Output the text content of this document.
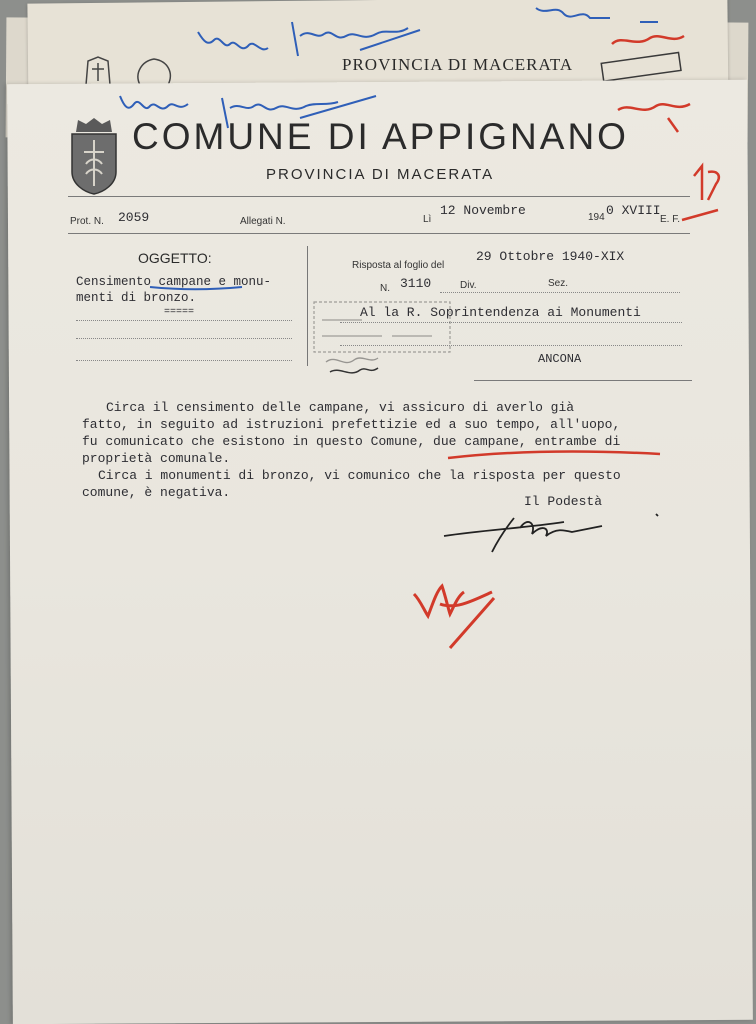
PROVINCIA DI MACERATA
COMUNE DI APPIGNANO
PROVINCIA DI MACERATA
Prot. N. 2059	Allegati N.	Lì
12 Novembre	194 0 XVIII
E. F.
OGGETTO:
Censimento campane e monu-
menti di bronzo.
=====
Risposta al foglio del
29 Ottobre 1940-XIX
N. 3110	Div.	Sez.
Al la R. Soprintendenza ai Monumenti
ANCONA
Circa il censimento delle campane, vi assicuro di averlo già
fatto, in seguito ad istruzioni prefettizie ed a suo tempo, all'uopo,
fu comunicato che esistono in questo Comune, due campane, entrambe di
proprietà comunale.
Circa i monumenti di bronzo, vi comunico che la risposta per questo
comune, è negativa.
Il Podestà
